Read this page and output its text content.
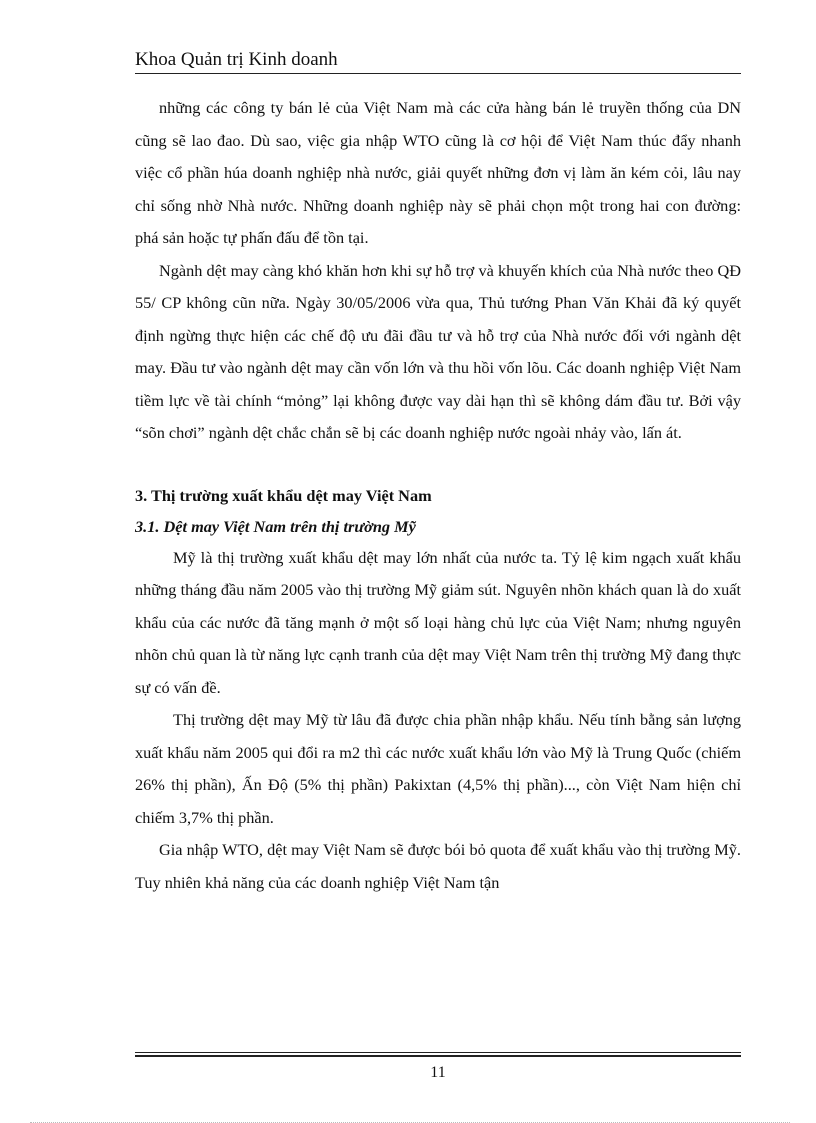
Khoa Quản trị Kinh doanh

những các công ty bán lẻ của Việt Nam mà các cửa hàng bán lẻ truyền thống của DN cũng sẽ lao đao. Dù sao, việc gia nhập WTO cũng là cơ hội để Việt Nam thúc đẩy nhanh việc cổ phần húa doanh nghiệp nhà nước, giải quyết những đơn vị làm ăn kém cỏi, lâu nay chỉ sống nhờ Nhà nước. Những doanh nghiệp này sẽ phải chọn một trong hai con đường: phá sản hoặc tự phấn đấu để tồn tại.

Ngành dệt may càng khó khăn hơn khi sự hỗ trợ và khuyến khích của Nhà nước theo QĐ 55/ CP không cũn nữa. Ngày 30/05/2006 vừa qua, Thủ tướng Phan Văn Khải đã ký quyết định ngừng thực hiện các chế độ ưu đãi đầu tư và hỗ trợ của Nhà nước đối với ngành dệt may. Đầu tư vào ngành dệt may cần vốn lớn và thu hồi vốn lõu. Các doanh nghiệp Việt Nam tiềm lực về tài chính “mỏng” lại không được vay dài hạn thì sẽ không dám đầu tư. Bởi vậy “sõn chơi” ngành dệt chắc chắn sẽ bị các doanh nghiệp nước ngoài nhảy vào, lấn át.

3. Thị trường xuất khẩu dệt may Việt Nam

3.1. Dệt may Việt Nam trên thị trường Mỹ

Mỹ là thị trường xuất khẩu dệt may lớn nhất của nước ta. Tỷ lệ kim ngạch xuất khẩu những tháng đầu năm 2005 vào thị trường Mỹ giảm sút. Nguyên nhõn khách quan là do xuất khẩu của các nước đã tăng mạnh ở một số loại hàng chủ lực của Việt Nam; nhưng nguyên nhõn chủ quan là từ năng lực cạnh tranh của dệt may Việt Nam trên thị trường Mỹ đang thực sự có vấn đề.

Thị trường dệt may Mỹ từ lâu đã được chia phần nhập khẩu. Nếu tính bằng sản lượng xuất khẩu năm 2005 qui đổi ra m2 thì các nước xuất khẩu lớn vào Mỹ là Trung Quốc (chiếm 26% thị phần), Ấn Độ (5% thị phần) Pakixtan (4,5% thị phần)..., còn Việt Nam hiện chỉ chiếm 3,7% thị phần.

Gia nhập WTO, dệt may Việt Nam sẽ được bói bỏ quota để xuất khẩu vào thị trường Mỹ. Tuy nhiên khả năng của các doanh nghiệp Việt Nam tận

11
